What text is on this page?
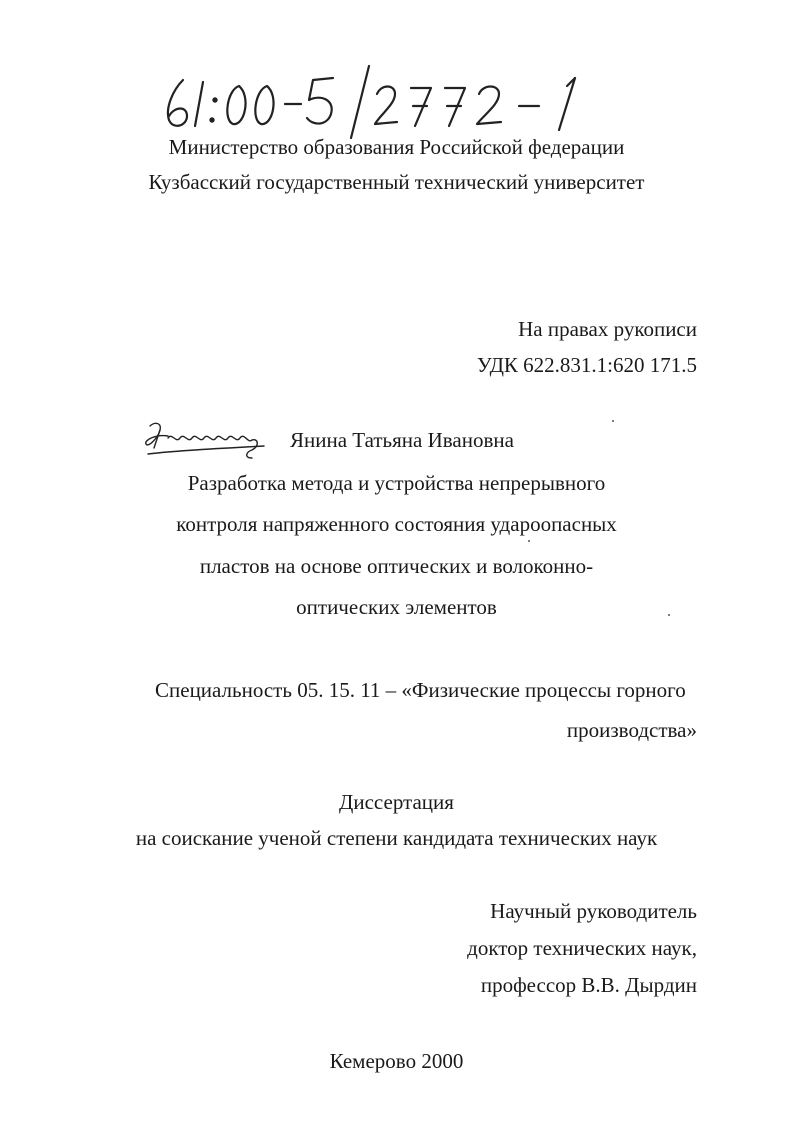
Министерство образования Российской федерации
Кузбасский государственный технический университет
На правах рукописи
УДК 622.831.1:620 171.5
Янина Татьяна Ивановна
Разработка метода и устройства непрерывного
контроля напряженного состояния удароопасных
пластов на основе оптических и волоконно-
оптических элементов
Специальность 05. 15. 11 – «Физические процессы горного
производства»
Диссертация
на соискание ученой степени кандидата технических наук
Научный руководитель
доктор технических наук,
профессор В.В. Дырдин
Кемерово 2000
